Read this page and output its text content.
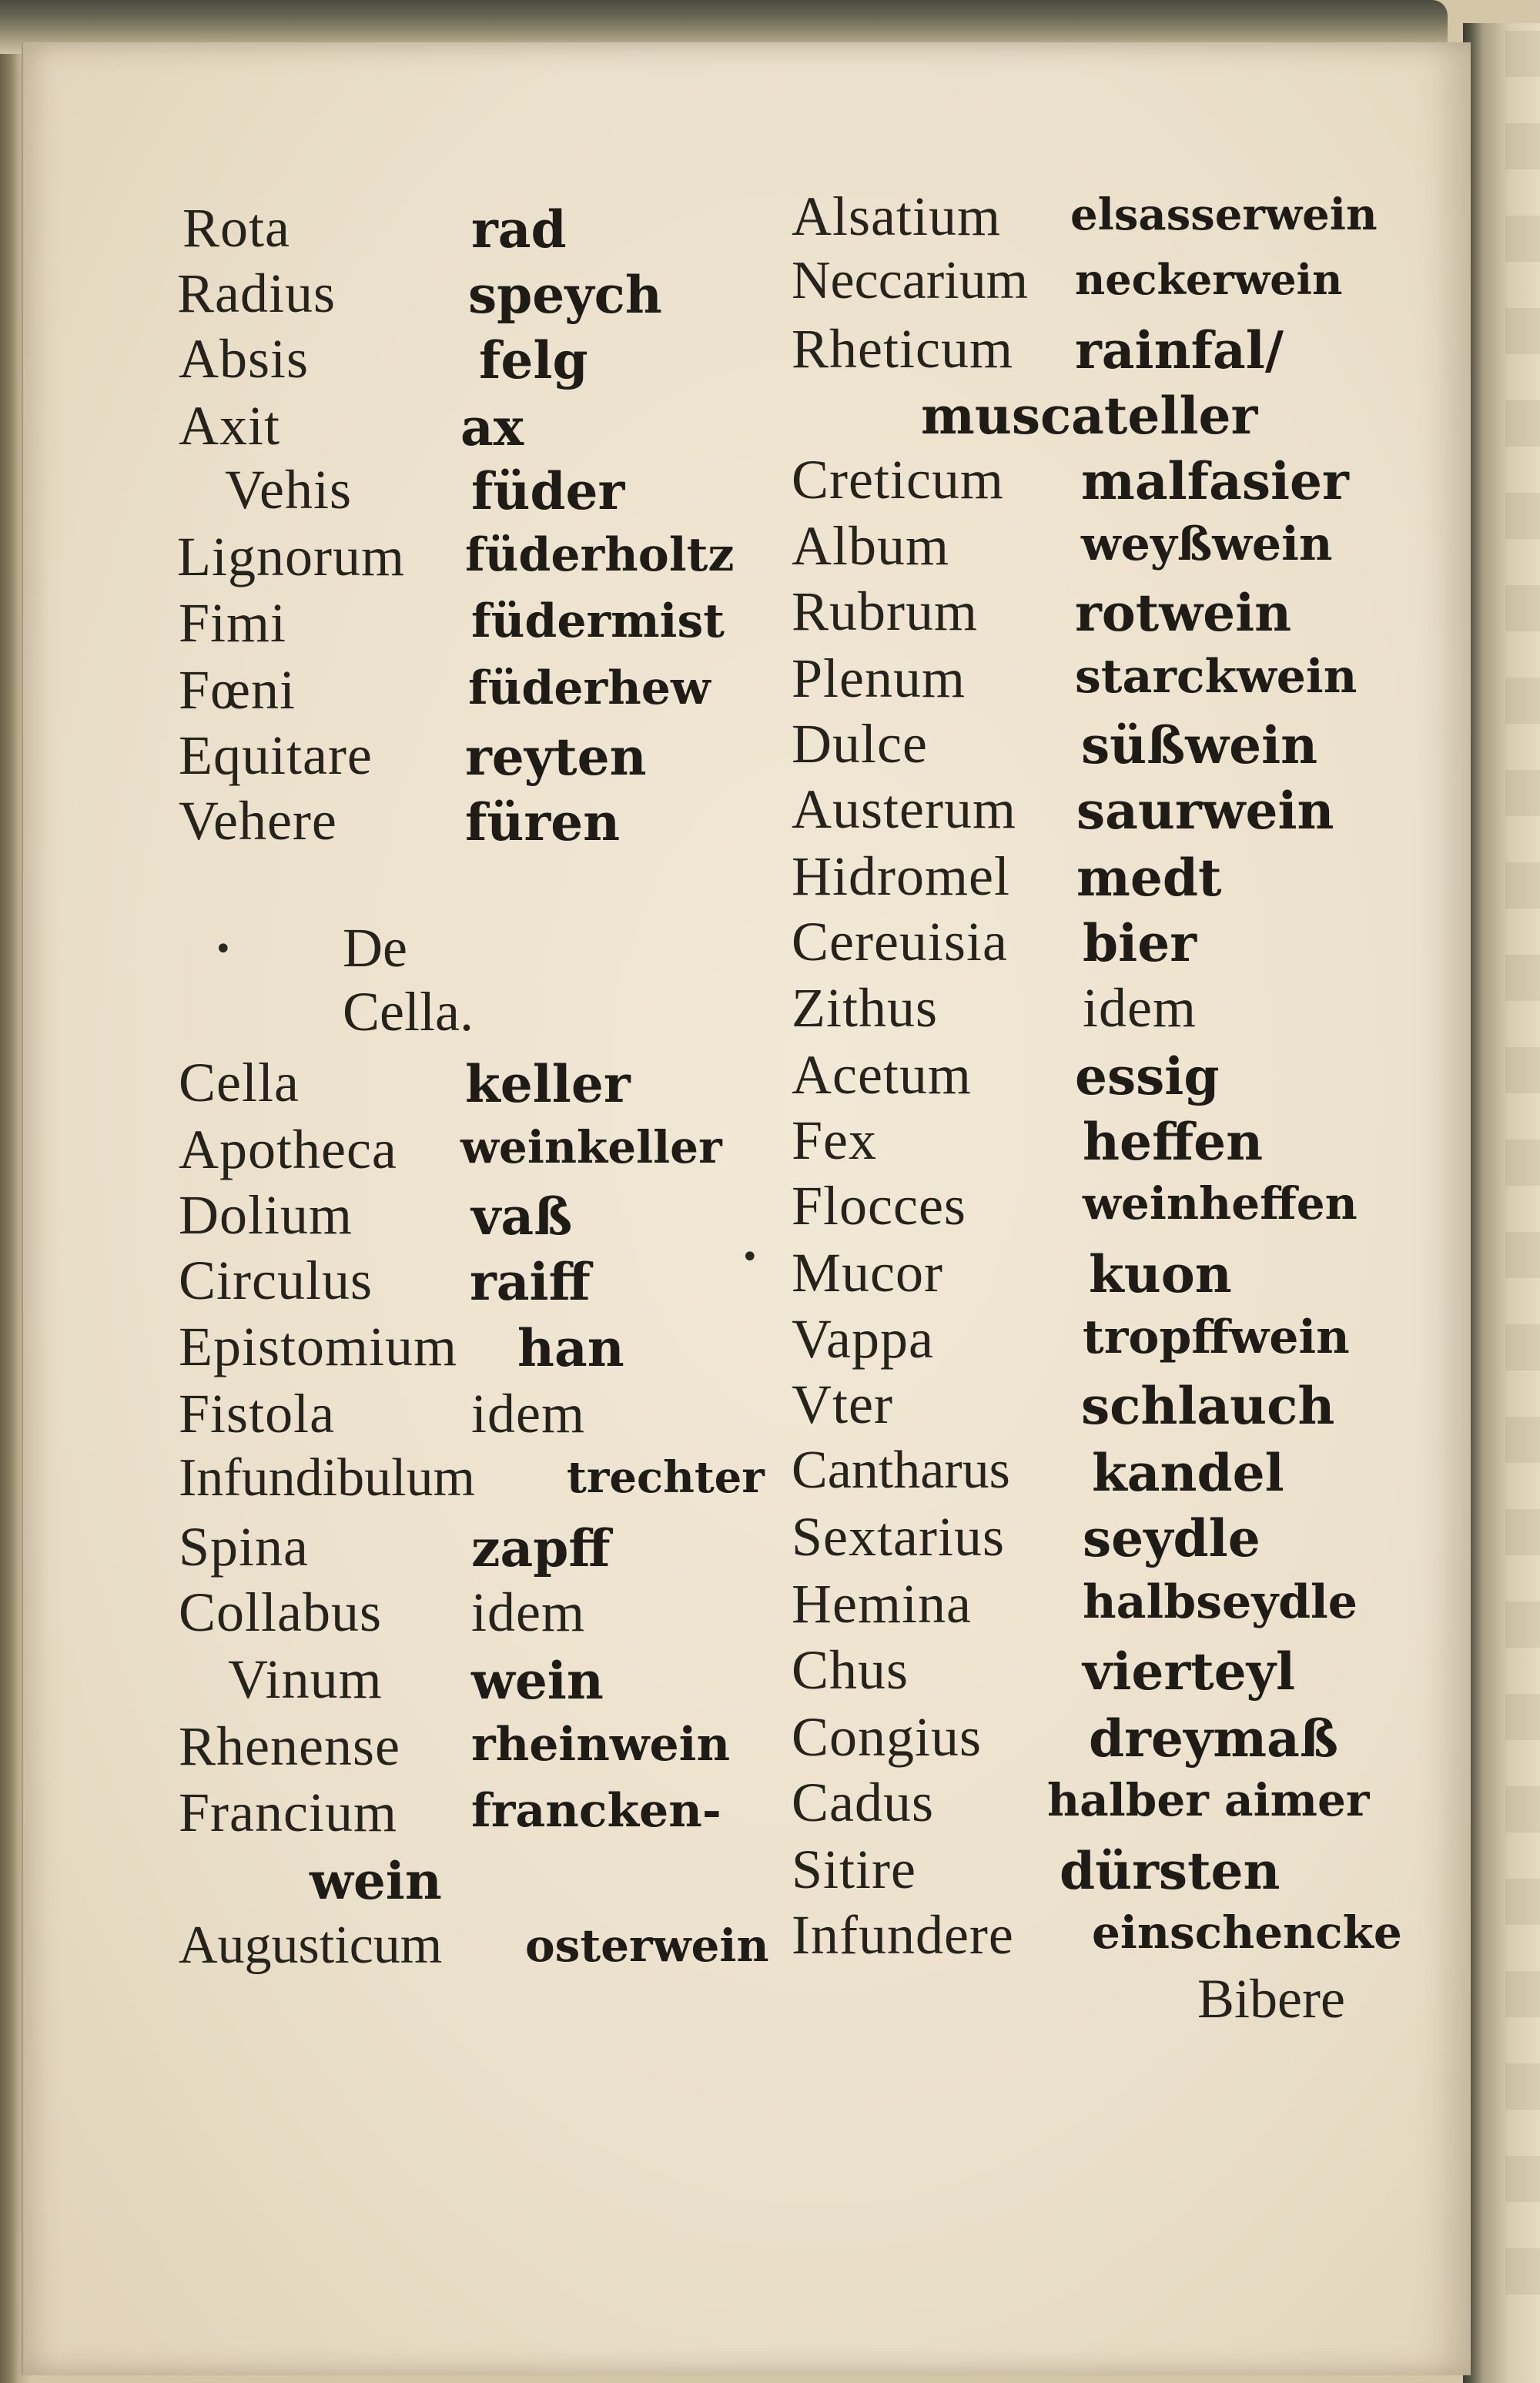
Rota	rad
Radius	speych
Absis	felg
Axit	ax
Vehis füder
Lignorum füderholtz
Fimi	füdermist
Fœni	füderhew
Equitare reyten
Vehere	füren
• De Cella.
Cella	keller
Apotheca weinkeller
Dolium vaß
Circulus raiff
Epistomium han
Fistola idem
Infundibulum trechter
Spina	zapff
Collabus idem
Vinum wein
Rhenense rheinwein
Francium francken-
wein
Augusticum osterwein
Alsatium elsasserwein
Neccarium neckerwein
Rheticum rainfal/
muscateller
Creticum malfasier
Album	weyßwein
Rubrum rotwein
Plenum starckwein
Dulce	süßwein
Austerum saurwein
Hidromel medt
Cereuisia bier
Zithus	idem
Acetum essig
Fex	heffen
Flocces	weinheffen
• Mucor	kuon
Vappa	tropffwein
Vter	schlauch
Cantharus kandel
Sextarius seydle
Hemina halbseydle
Chus	vierteyl
Congius dreymaß
Cadus	halber aimer
Sitire	dürsten
Infundere einschencke
Bibere
